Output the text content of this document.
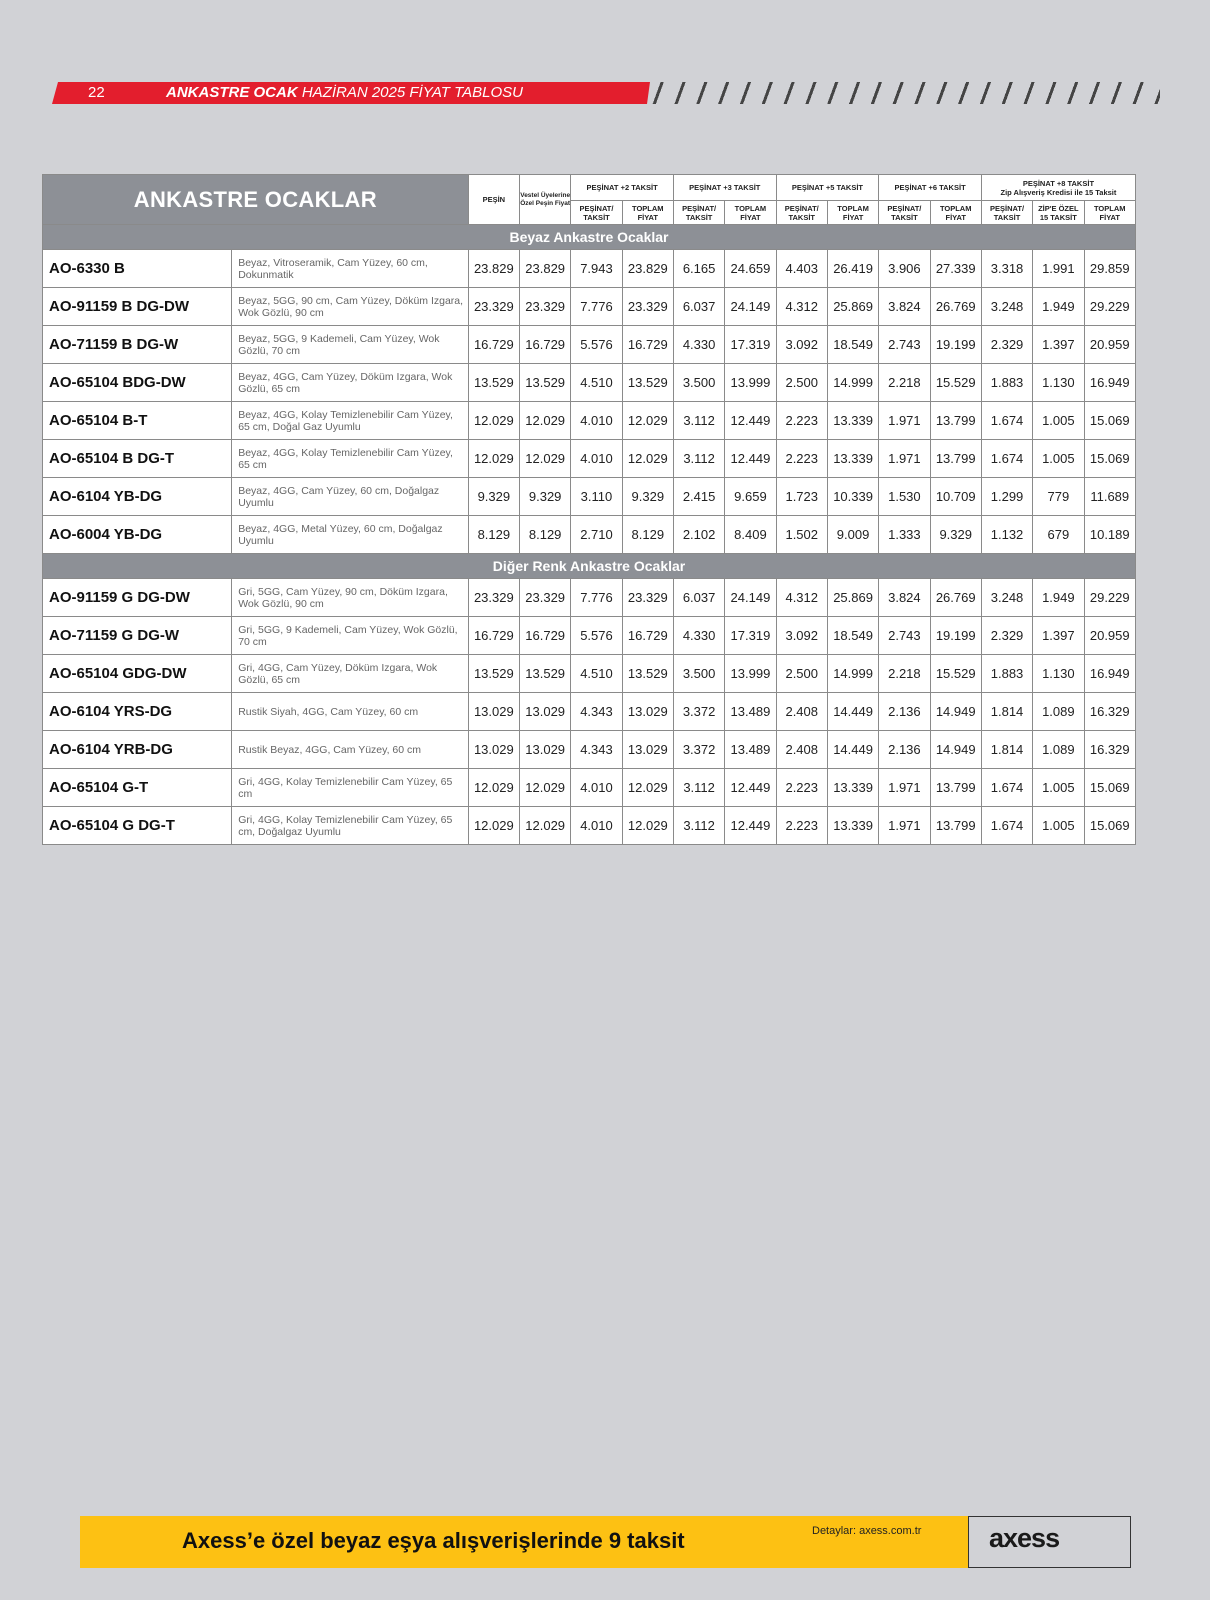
22	ANKASTRE OCAK HAZİRAN 2025 FİYAT TABLOSU
ANKASTRE OCAKLAR		PEŞİN	Vestel Üyelerine Özel Peşin Fiyat	PEŞİNAT +2 TAKSİT		PEŞİNAT +3 TAKSİT		PEŞİNAT +5 TAKSİT		PEŞİNAT +6 TAKSİT		PEŞİNAT +8 TAKSİT
Zip Alışveriş Kredisi ile 15 Taksit		

				PEŞİNAT/ TAKSİT	TOPLAM FİYAT	PEŞİNAT/ TAKSİT	TOPLAM FİYAT	PEŞİNAT/ TAKSİT	TOPLAM FİYAT	PEŞİNAT/ TAKSİT	TOPLAM FİYAT	PEŞİNAT/ TAKSİT	ZİP'E ÖZEL 15 TAKSİT	TOPLAM FİYAT
Beyaz Ankastre Ocaklar														
AO-6330 B	Beyaz, Vitroseramik, Cam Yüzey, 60 cm, Dokunmatik	23.829	23.829	7.943	23.829	6.165	24.659	4.403	26.419	3.906	27.339	3.318	1.991	29.859
AO-91159 B DG-DW	Beyaz, 5GG, 90 cm, Cam Yüzey, Döküm Izgara, Wok Gözlü, 90 cm	23.329	23.329	7.776	23.329	6.037	24.149	4.312	25.869	3.824	26.769	3.248	1.949	29.229
AO-71159 B DG-W	Beyaz, 5GG, 9 Kademeli, Cam Yüzey, Wok Gözlü, 70 cm	16.729	16.729	5.576	16.729	4.330	17.319	3.092	18.549	2.743	19.199	2.329	1.397	20.959
AO-65104 BDG-DW	Beyaz, 4GG, Cam Yüzey, Döküm Izgara, Wok Gözlü, 65 cm	13.529	13.529	4.510	13.529	3.500	13.999	2.500	14.999	2.218	15.529	1.883	1.130	16.949
AO-65104 B-T	Beyaz, 4GG, Kolay Temizlenebilir Cam Yüzey, 65 cm, Doğal Gaz Uyumlu	12.029	12.029	4.010	12.029	3.112	12.449	2.223	13.339	1.971	13.799	1.674	1.005	15.069
AO-65104 B DG-T	Beyaz, 4GG, Kolay Temizlenebilir Cam Yüzey, 65 cm	12.029	12.029	4.010	12.029	3.112	12.449	2.223	13.339	1.971	13.799	1.674	1.005	15.069
AO-6104 YB-DG	Beyaz, 4GG, Cam Yüzey, 60 cm, Doğalgaz Uyumlu	9.329	9.329	3.110	9.329	2.415	9.659	1.723	10.339	1.530	10.709	1.299	779	11.689
AO-6004 YB-DG	Beyaz, 4GG, Metal Yüzey, 60 cm, Doğalgaz Uyumlu	8.129	8.129	2.710	8.129	2.102	8.409	1.502	9.009	1.333	9.329	1.132	679	10.189
Diğer Renk Ankastre Ocaklar														
AO-91159 G DG-DW	Gri, 5GG, Cam Yüzey, 90 cm, Döküm Izgara, Wok Gözlü, 90 cm	23.329	23.329	7.776	23.329	6.037	24.149	4.312	25.869	3.824	26.769	3.248	1.949	29.229
AO-71159 G DG-W	Gri, 5GG, 9 Kademeli, Cam Yüzey, Wok Gözlü, 70 cm	16.729	16.729	5.576	16.729	4.330	17.319	3.092	18.549	2.743	19.199	2.329	1.397	20.959
AO-65104 GDG-DW	Gri, 4GG, Cam Yüzey, Döküm Izgara, Wok Gözlü, 65 cm	13.529	13.529	4.510	13.529	3.500	13.999	2.500	14.999	2.218	15.529	1.883	1.130	16.949
AO-6104 YRS-DG	Rustik Siyah, 4GG, Cam Yüzey, 60 cm	13.029	13.029	4.343	13.029	3.372	13.489	2.408	14.449	2.136	14.949	1.814	1.089	16.329
AO-6104 YRB-DG	Rustik Beyaz, 4GG, Cam Yüzey, 60 cm	13.029	13.029	4.343	13.029	3.372	13.489	2.408	14.449	2.136	14.949	1.814	1.089	16.329
AO-65104 G-T	Gri, 4GG, Kolay Temizlenebilir Cam Yüzey, 65 cm	12.029	12.029	4.010	12.029	3.112	12.449	2.223	13.339	1.971	13.799	1.674	1.005	15.069
AO-65104 G DG-T	Gri, 4GG, Kolay Temizlenebilir Cam Yüzey, 65 cm, Doğalgaz Uyumlu	12.029	12.029	4.010	12.029	3.112	12.449	2.223	13.339	1.971	13.799	1.674	1.005	15.069
Axess’e özel beyaz eşya alışverişlerinde 9 taksit	Detaylar: axess.com.tr	axess
